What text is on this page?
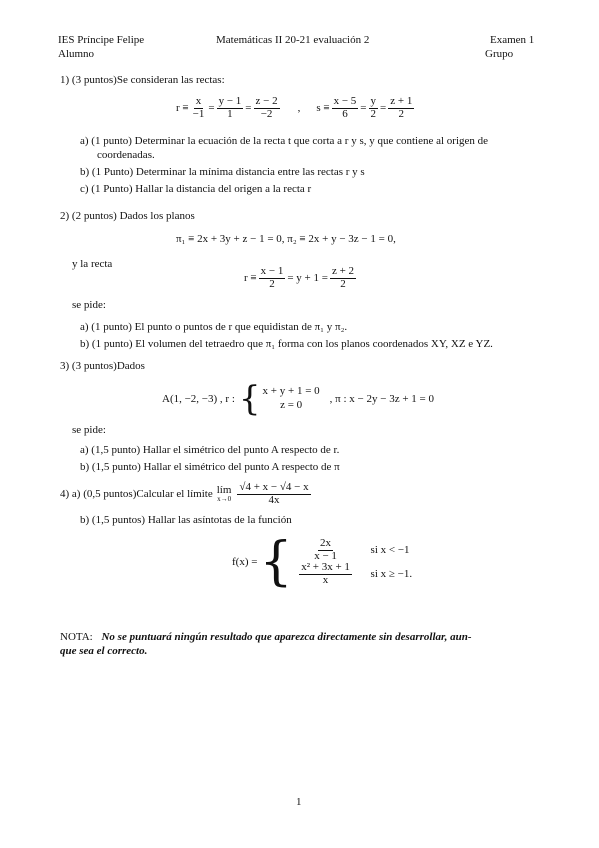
IES Príncipe Felipe
Alumno
Matemáticas II 20-21 evaluación 2	Examen 1
Grupo
1) (3 puntos)Se consideran las rectas:
$r \equiv \frac{x}{-1} = \frac{y - 1}{1} = \frac{z - 2}{-2}$ , $s \equiv \frac{x - 5}{6} = \frac{y}{2} = \frac{z + 1}{2}$
a) (1 punto) Determinar la ecuación de la recta t que corta a r y s, y que contiene al origen de
coordenadas.
b) (1 Punto) Determinar la mínima distancia entre las rectas r y s
c) (1 Punto) Hallar la distancia del origen a la recta r
2) (2 puntos) Dados los planos
π₁ ≡ 2x + 3y + z − 1 = 0, π₂ ≡ 2x + y − 3z − 1 = 0,
y la recta
$r \equiv \frac{x - 1}{2} = y + 1 = \frac{z + 2}{2}$
se pide:
a) (1 punto) El punto o puntos de r que equidistan de π₁ y π₂.
b) (1 punto) El volumen del tetraedro que π₁ forma con los planos coordenados XY, XZ e YZ.
3) (3 puntos)Dados
A(1, −2, −3) , r : { x + y + 1 = 0
z = 0
, π : x − 2y − 3z + 1 = 0
se pide:
a) (1,5 punto) Hallar el simétrico del punto A respecto de r.
b) (1,5 punto) Hallar el simétrico del punto A respecto de π
4) a) (0,5 puntos)Calcular el límite lím
$x\to 0 \frac{√4 + x - √4 - x}{4x}$
b) (1,5 puntos) Hallar las asíntotas de la función
f(x) = { $\frac{2x}{x - 1}$ si x < −1
$\frac{\text{x² + 3x + 1}}{x}$ si x ≥ −1.
NOTA: No se puntuará ningún resultado que aparezca directamente sin desarrollar, aun-
que sea el correcto.
1
